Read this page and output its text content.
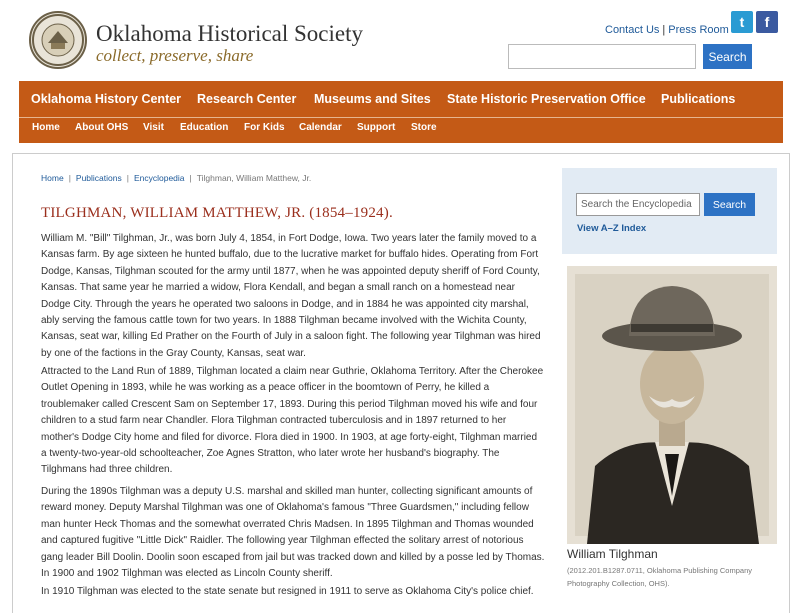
Oklahoma Historical Society
collect, preserve, share
Contact Us | Press Room t	f
Search
Oklahoma History Center Research Center Museums and Sites State Historic Preservation Office Publications
Home About OHS Visit Education For Kids Calendar Support Store
Home | Publications | Encyclopedia | Tilghman, William Matthew, Jr.
TILGHMAN, WILLIAM MATTHEW, JR. (1854–1924).

William M. "Bill" Tilghman, Jr., was born July 4, 1854, in Fort Dodge, Iowa. Two years later the family moved to a Kansas farm. By age sixteen he hunted buffalo, due to the lucrative market for buffalo hides. Operating from Fort Dodge, Kansas, Tilghman scouted for the army until 1877, when he was appointed deputy sheriff of Ford County, Kansas. That same year he married a widow, Flora Kendall, and began a small ranch on a homestead near Dodge City. Through the years he operated two saloons in Dodge, and in 1884 he was appointed city marshal, ably serving the famous cattle town for two years. In 1888 Tilghman became involved with the Wichita County, Kansas, seat war, killing Ed Prather on the Fourth of July in a saloon fight. The following year Tilghman was hired by one of the factions in the Gray County, Kansas, seat war.

Attracted to the Land Run of 1889, Tilghman located a claim near Guthrie, Oklahoma Territory. After the Cherokee Outlet Opening in 1893, while he was working as a peace officer in the boomtown of Perry, he killed a troublemaker called Crescent Sam on September 17, 1893. During this period Tilghman moved his wife and four children to a stud farm near Chandler. Flora Tilghman contracted tuberculosis and in 1897 returned to her mother's Dodge City home and filed for divorce. Flora died in 1900. In 1903, at age forty-eight, Tilghman married a twenty-two-year-old schoolteacher, Zoe Agnes Stratton, who later wrote her husband's biography. The Tilghmans had three children.

During the 1890s Tilghman was a deputy U.S. marshal and skilled man hunter, collecting significant amounts of reward money. Deputy Marshal Tilghman was one of Oklahoma's famous "Three Guardsmen," including fellow man hunter Heck Thomas and the somewhat overrated Chris Madsen. In 1895 Tilghman and Thomas wounded and captured fugitive "Little Dick" Raidler. The following year Tilghman effected the solitary arrest of notorious gang leader Bill Doolin. Doolin soon escaped from jail but was tracked down and killed by a posse led by Thomas. In 1900 and 1902 Tilghman was elected as Lincoln County sheriff.

In 1910 Tilghman was elected to the state senate but resigned in 1911 to serve as Oklahoma City's police chief.

Search the Encyclopedia	Search
View A–Z Index
William Tilghman
(2012.201.B1287.0711, Oklahoma Publishing Company Photography Collection, OHS).
